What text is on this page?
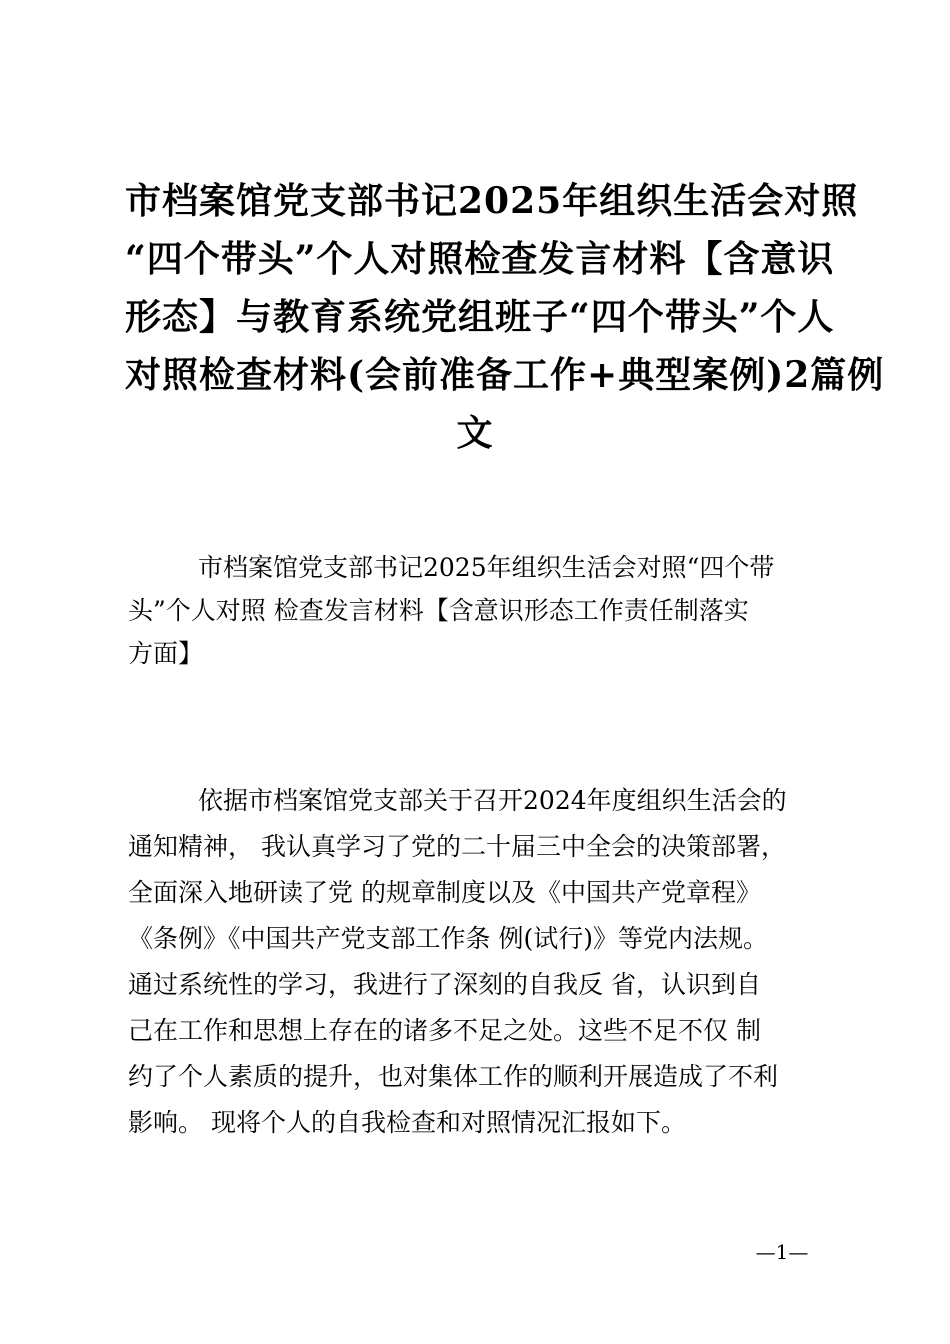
市档案馆党支部书记2025年组织生活会对照
“四个带头”个人对照检查发言材料【含意识
形态】与教育系统党组班子“四个带头”个人
对照检查材料(会前准备工作+典型案例)2篇例
文
市档案馆党支部书记2025年组织生活会对照“四个带
头”个人对照 检查发言材料【含意识形态工作责任制落实
方面】
依据市档案馆党支部关于召开2024年度组织生活会的
通知精神， 我认真学习了党的二十届三中全会的决策部署，
全面深入地研读了党 的规章制度以及《中国共产党章程》
《条例》《中国共产党支部工作条 例(试行)》等党内法规。
通过系统性的学习，我进行了深刻的自我反 省，认识到自
己在工作和思想上存在的诸多不足之处。这些不足不仅 制
约了个人素质的提升，也对集体工作的顺利开展造成了不利
影响。 现将个人的自我检查和对照情况汇报如下。
—1—
